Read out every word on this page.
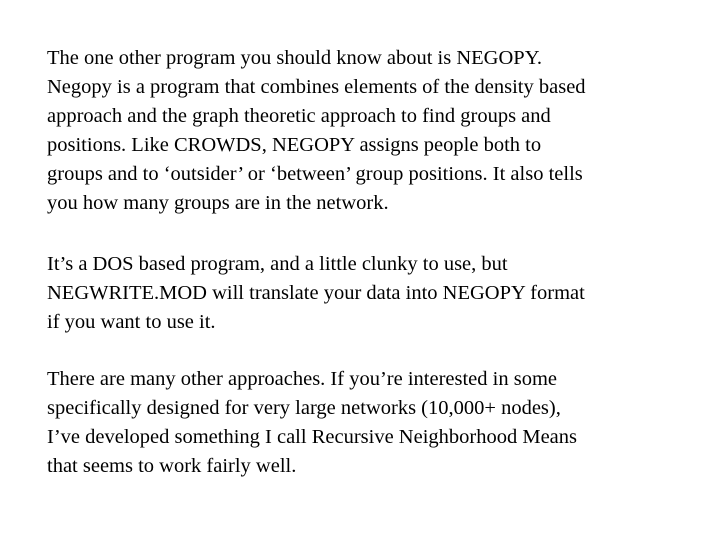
The one other program you should know about is NEGOPY.
Negopy is a program that combines elements of the density based
approach and the graph theoretic approach to find groups and
positions. Like CROWDS, NEGOPY assigns people both to
groups and to ‘outsider’ or ‘between’ group positions. It also tells
you how many groups are in the network.
It’s a DOS based program, and a little clunky to use, but
NEGWRITE.MOD will translate your data into NEGOPY format
if you want to use it.
There are many other approaches. If you’re interested in some
specifically designed for very large networks (10,000+ nodes),
I’ve developed something I call Recursive Neighborhood Means
that seems to work fairly well.
